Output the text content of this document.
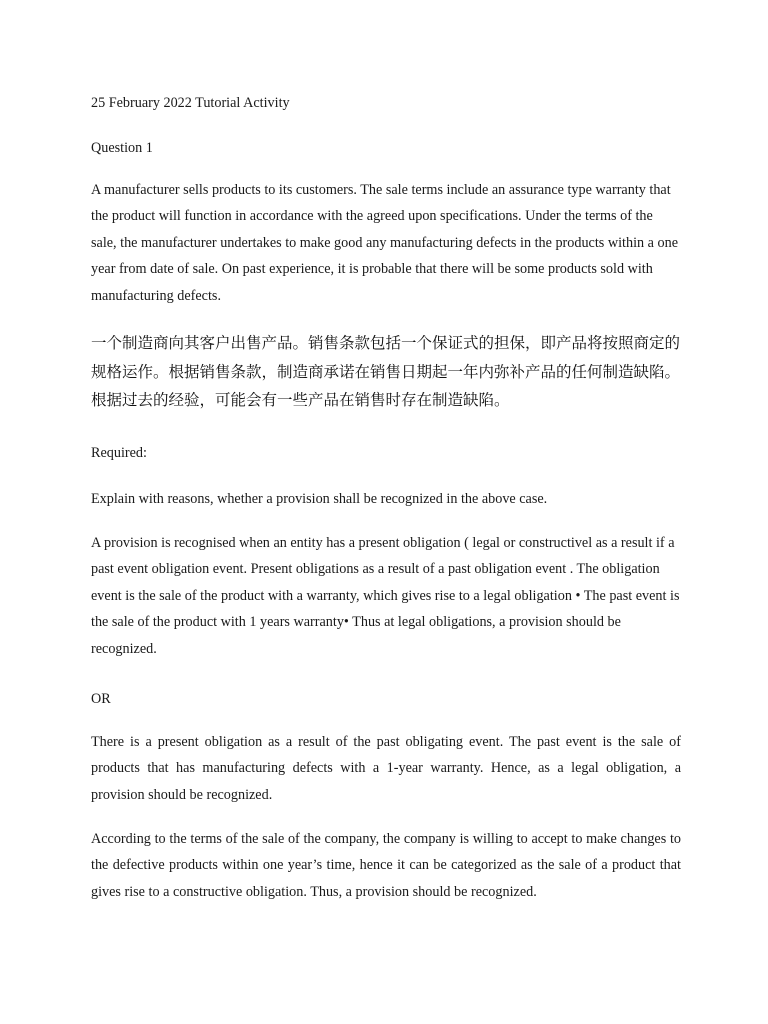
25 February 2022 Tutorial Activity

Question 1

A manufacturer sells products to its customers. The sale terms include an assurance type warranty that the product will function in accordance with the agreed upon specifications. Under the terms of the sale, the manufacturer undertakes to make good any manufacturing defects in the products within a one year from date of sale. On past experience, it is probable that there will be some products sold with manufacturing defects.

一个制造商向其客户出售产品。销售条款包括一个保证式的担保，即产品将按照商定的规格运作。根据销售条款，制造商承诺在销售日期起一年内弥补产品的任何制造缺陷。根据过去的经验，可能会有一些产品在销售时存在制造缺陷。

Required:

Explain with reasons, whether a provision shall be recognized in the above case.

A provision is recognised when an entity has a present obligation ( legal or constructivel as a result if a past event obligation event. Present obligations as a result of a past obligation event . The obligation event is the sale of the product with a warranty, which gives rise to a legal obligation • The past event is the sale of the product with 1 years warranty• Thus at legal obligations, a provision should be recognized.

OR

There is a present obligation as a result of the past obligating event. The past event is the sale of products that has manufacturing defects with a 1-year warranty. Hence, as a legal obligation, a provision should be recognized.

According to the terms of the sale of the company, the company is willing to accept to make changes to the defective products within one year’s time, hence it can be categorized as the sale of a product that gives rise to a constructive obligation. Thus, a provision should be recognized.
